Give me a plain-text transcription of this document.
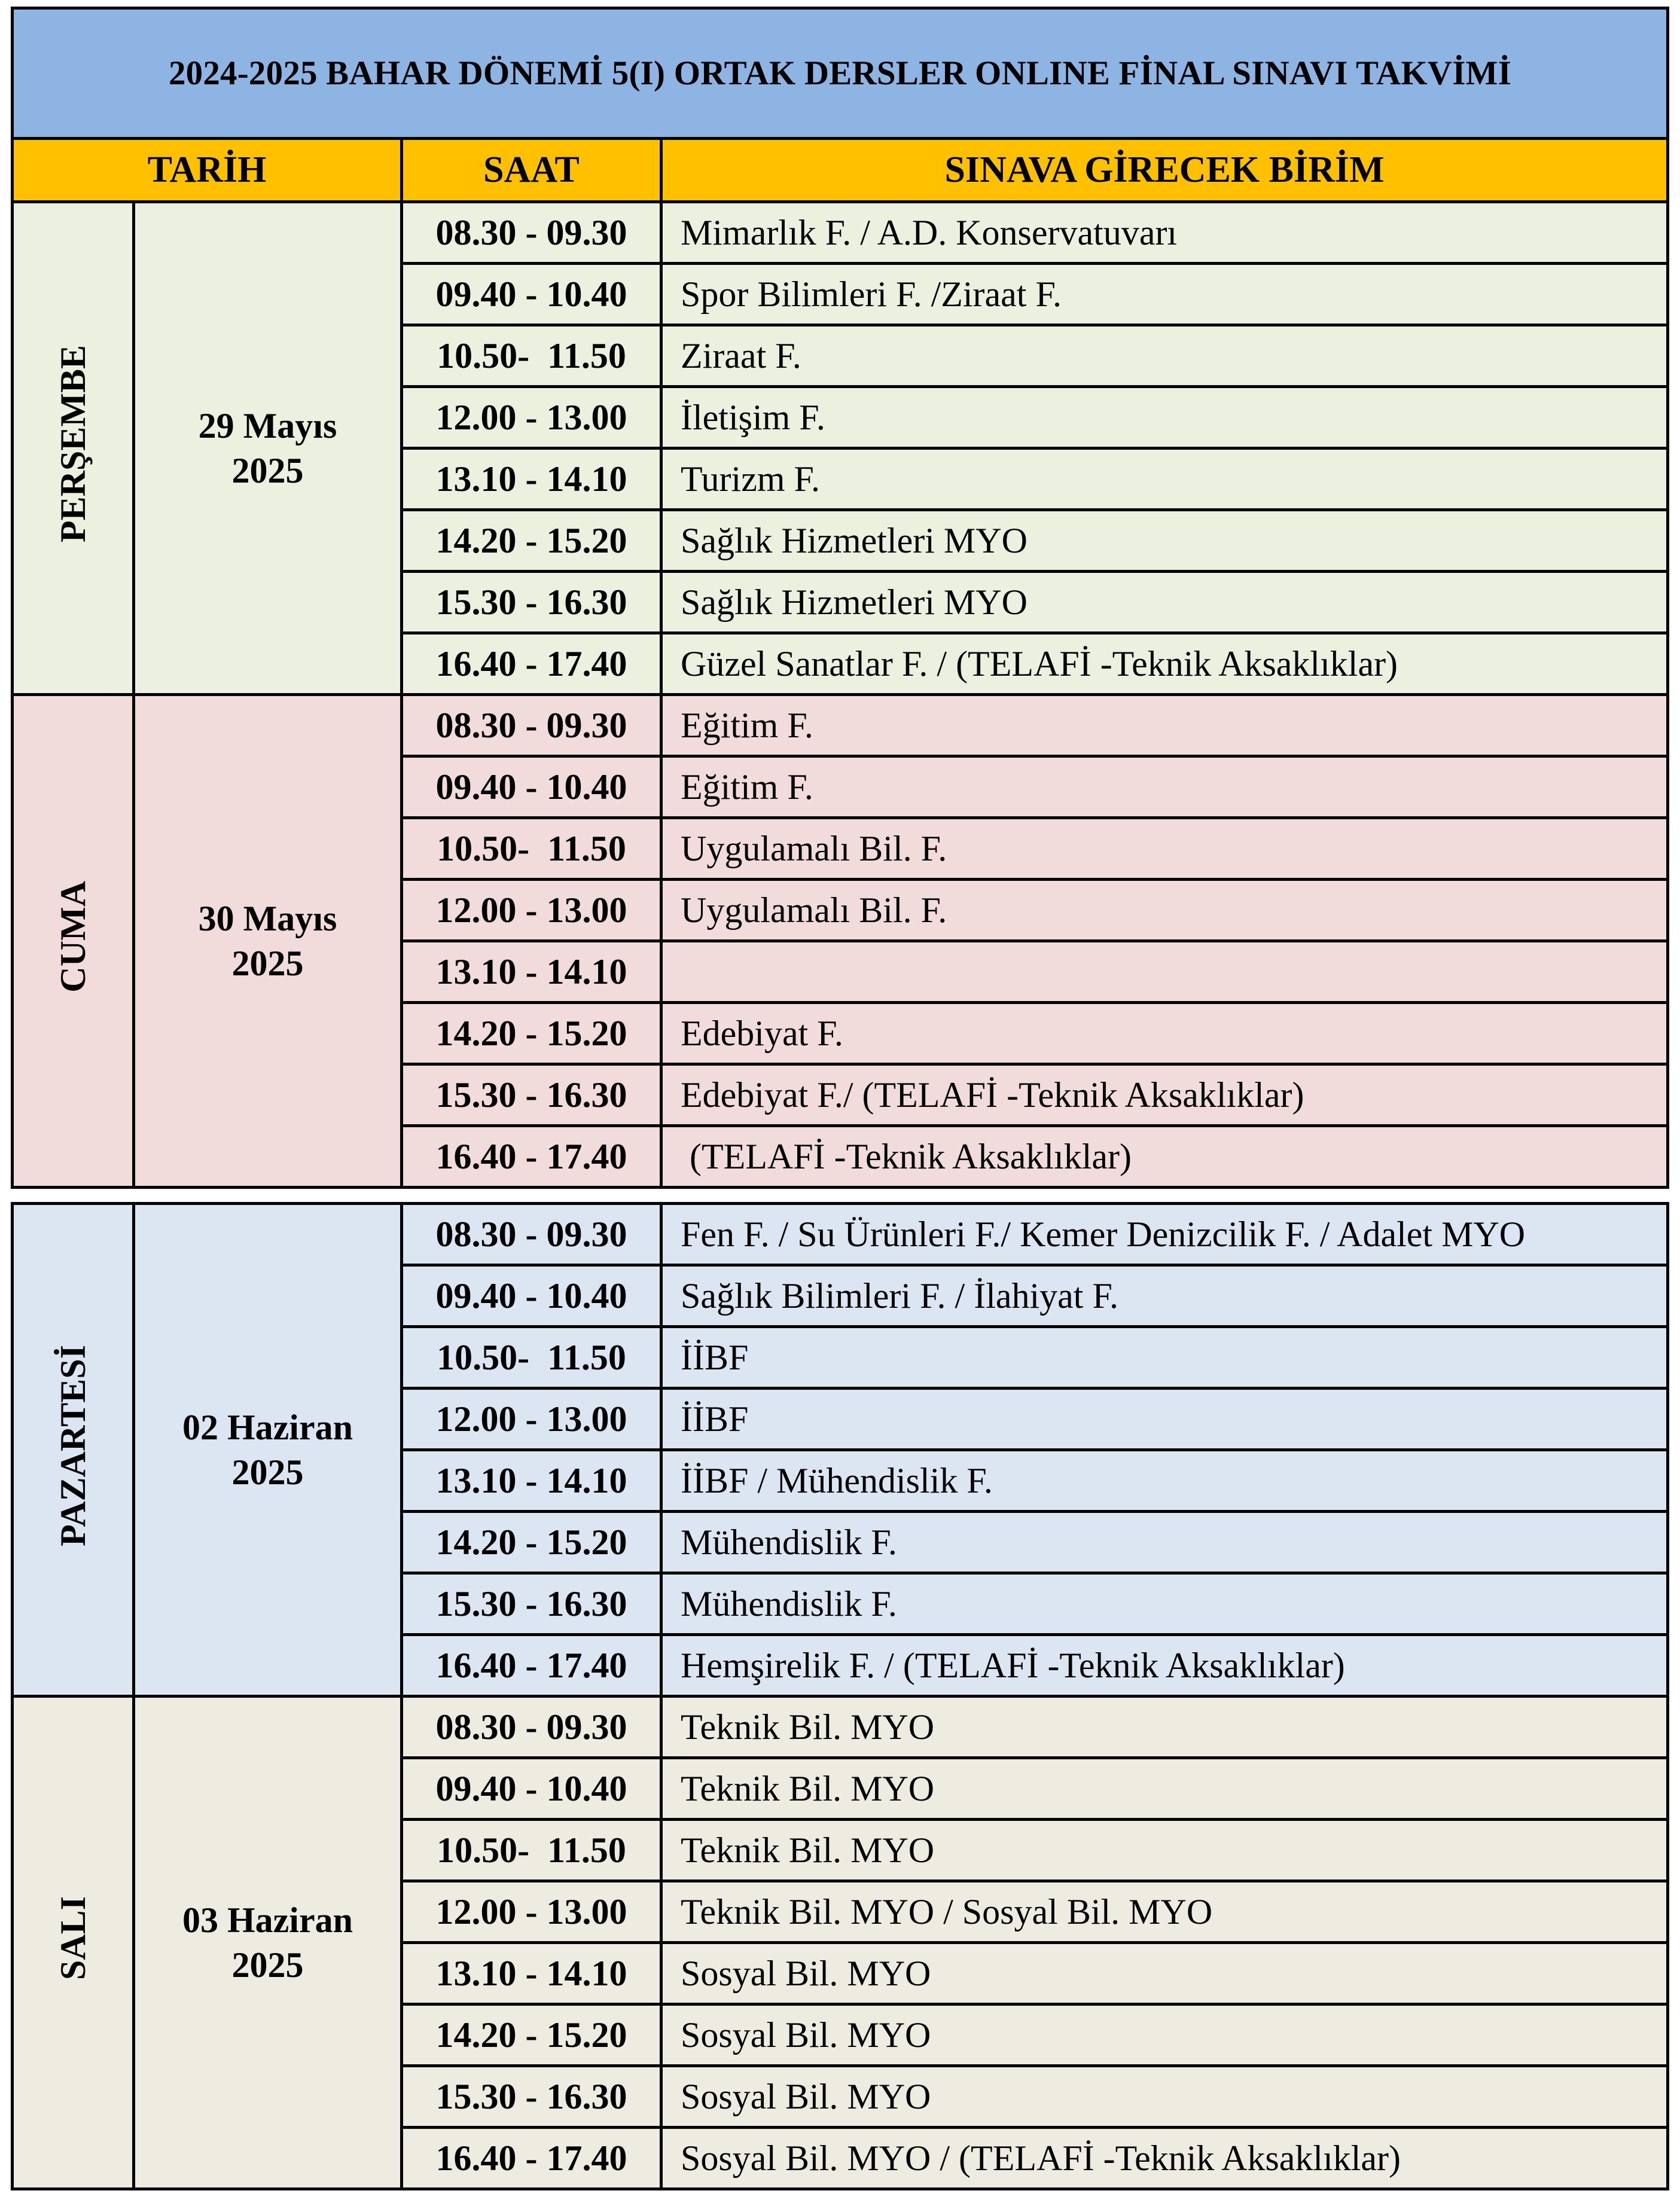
2024-2025 BAHAR DÖNEMİ 5(I) ORTAK DERSLER ONLINE FİNAL SINAVI TAKVİMİ			
TARİH		SAAT	SINAVA GİRECEK BİRİM
PERŞEMBE	29 Mayıs
2025	08.30 - 09.30	Mimarlık F. / A.D. Konservatuvarı
		09.40 - 10.40	Spor Bilimleri F. /Ziraat F.
		10.50-  11.50	Ziraat F.
		12.00 - 13.00	İletişim F.
		13.10 - 14.10	Turizm F.
		14.20 - 15.20	Sağlık Hizmetleri MYO
		15.30 - 16.30	Sağlık Hizmetleri MYO
		16.40 - 17.40	Güzel Sanatlar F. / (TELAFİ -Teknik Aksaklıklar)
CUMA	30 Mayıs
2025	08.30 - 09.30	Eğitim F.
		09.40 - 10.40	Eğitim F.
		10.50-  11.50	Uygulamalı Bil. F.
		12.00 - 13.00	Uygulamalı Bil. F.
		13.10 - 14.10	
		14.20 - 15.20	Edebiyat F.
		15.30 - 16.30	Edebiyat F./ (TELAFİ -Teknik Aksaklıklar)
		16.40 - 17.40	(TELAFİ -Teknik Aksaklıklar)
PAZARTESİ	02 Haziran
2025	08.30 - 09.30	Fen F. / Su Ürünleri F./ Kemer Denizcilik F. / Adalet MYO
		09.40 - 10.40	Sağlık Bilimleri F. / İlahiyat F.
		10.50-  11.50	İİBF
		12.00 - 13.00	İİBF
		13.10 - 14.10	İİBF / Mühendislik F.
		14.20 - 15.20	Mühendislik F.
		15.30 - 16.30	Mühendislik F.
		16.40 - 17.40	Hemşirelik F. / (TELAFİ -Teknik Aksaklıklar)
SALI	03 Haziran
2025	08.30 - 09.30	Teknik Bil. MYO
		09.40 - 10.40	Teknik Bil. MYO
		10.50-  11.50	Teknik Bil. MYO
		12.00 - 13.00	Teknik Bil. MYO / Sosyal Bil. MYO
		13.10 - 14.10	Sosyal Bil. MYO
		14.20 - 15.20	Sosyal Bil. MYO
		15.30 - 16.30	Sosyal Bil. MYO
		16.40 - 17.40	Sosyal Bil. MYO / (TELAFİ -Teknik Aksaklıklar)
